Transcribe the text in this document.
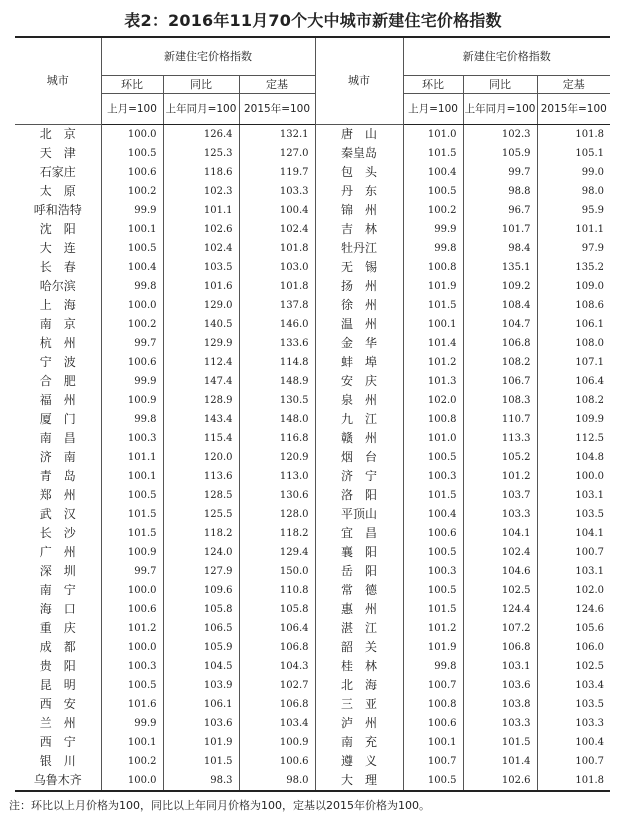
表2：2016年11月70个大中城市新建住宅价格指数
城市	新建住宅价格指数			城市	新建住宅价格指数		
	环比	同比	定基		环比	同比	定基
	上月=100	上年同月=100	2015年=100		上月=100	上年同月=100	2015年=100
北　京	100.0	126.4	132.1	唐　山	101.0	102.3	101.8
天　津	100.5	125.3	127.0	秦皇岛	101.5	105.9	105.1
石家庄	100.6	118.6	119.7	包　头	100.4	99.7	99.0
太　原	100.2	102.3	103.3	丹　东	100.5	98.8	98.0
呼和浩特	99.9	101.1	100.4	锦　州	100.2	96.7	95.9
沈　阳	100.1	102.6	102.4	吉　林	99.9	101.7	101.1
大　连	100.5	102.4	101.8	牡丹江	99.8	98.4	97.9
长　春	100.4	103.5	103.0	无　锡	100.8	135.1	135.2
哈尔滨	99.8	101.6	101.8	扬　州	101.9	109.2	109.0
上　海	100.0	129.0	137.8	徐　州	101.5	108.4	108.6
南　京	100.2	140.5	146.0	温　州	100.1	104.7	106.1
杭　州	99.7	129.9	133.6	金　华	101.4	106.8	108.0
宁　波	100.6	112.4	114.8	蚌　埠	101.2	108.2	107.1
合　肥	99.9	147.4	148.9	安　庆	101.3	106.7	106.4
福　州	100.9	128.9	130.5	泉　州	102.0	108.3	108.2
厦　门	99.8	143.4	148.0	九　江	100.8	110.7	109.9
南　昌	100.3	115.4	116.8	赣　州	101.0	113.3	112.5
济　南	101.1	120.0	120.9	烟　台	100.5	105.2	104.8
青　岛	100.1	113.6	113.0	济　宁	100.3	101.2	100.0
郑　州	100.5	128.5	130.6	洛　阳	101.5	103.7	103.1
武　汉	101.5	125.5	128.0	平顶山	100.4	103.3	103.5
长　沙	101.5	118.2	118.2	宜　昌	100.6	104.1	104.1
广　州	100.9	124.0	129.4	襄　阳	100.5	102.4	100.7
深　圳	99.7	127.9	150.0	岳　阳	100.3	104.6	103.1
南　宁	100.0	109.6	110.8	常　德	100.5	102.5	102.0
海　口	100.6	105.8	105.8	惠　州	101.5	124.4	124.6
重　庆	101.2	106.5	106.4	湛　江	101.2	107.2	105.6
成　都	100.0	105.9	106.8	韶　关	101.9	106.8	106.0
贵　阳	100.3	104.5	104.3	桂　林	99.8	103.1	102.5
昆　明	100.5	103.9	102.7	北　海	100.7	103.6	103.4
西　安	101.6	106.1	106.8	三　亚	100.8	103.8	103.5
兰　州	99.9	103.6	103.4	泸　州	100.6	103.3	103.3
西　宁	100.1	101.9	100.9	南　充	100.1	101.5	100.4
银　川	100.2	101.5	100.6	遵　义	100.7	101.4	100.7
乌鲁木齐	100.0	98.3	98.0	大　理	100.5	102.6	101.8
注：环比以上月价格为100，同比以上年同月价格为100，定基以2015年价格为100。
